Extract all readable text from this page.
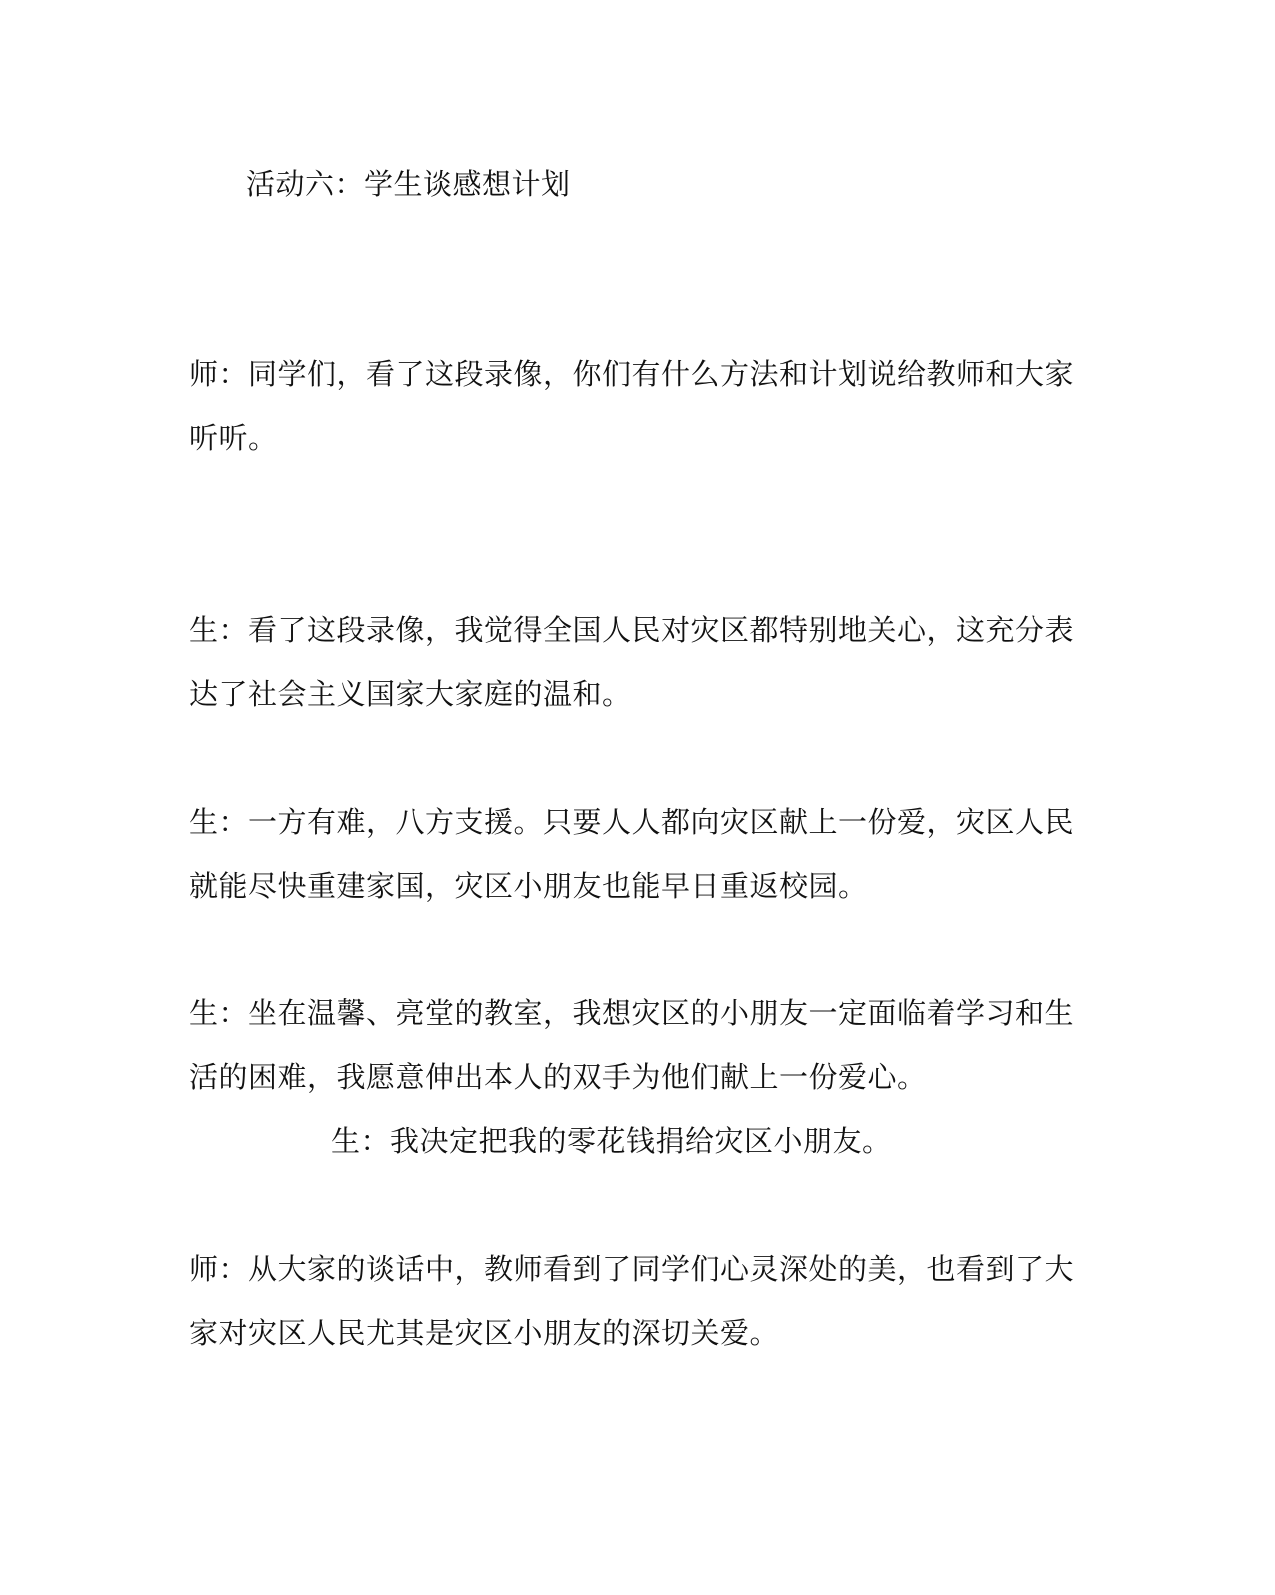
活动六：学生谈感想计划
师：同学们，看了这段录像，你们有什么方法和计划说给教师和大家
听听。
生：看了这段录像，我觉得全国人民对灾区都特别地关心，这充分表
达了社会主义国家大家庭的温和。
生：一方有难，八方支援。只要人人都向灾区献上一份爱，灾区人民
就能尽快重建家国，灾区小朋友也能早日重返校园。
生：坐在温馨、亮堂的教室，我想灾区的小朋友一定面临着学习和生
活的困难，我愿意伸出本人的双手为他们献上一份爱心。
生：我决定把我的零花钱捐给灾区小朋友。
师：从大家的谈话中，教师看到了同学们心灵深处的美，也看到了大
家对灾区人民尤其是灾区小朋友的深切关爱。
